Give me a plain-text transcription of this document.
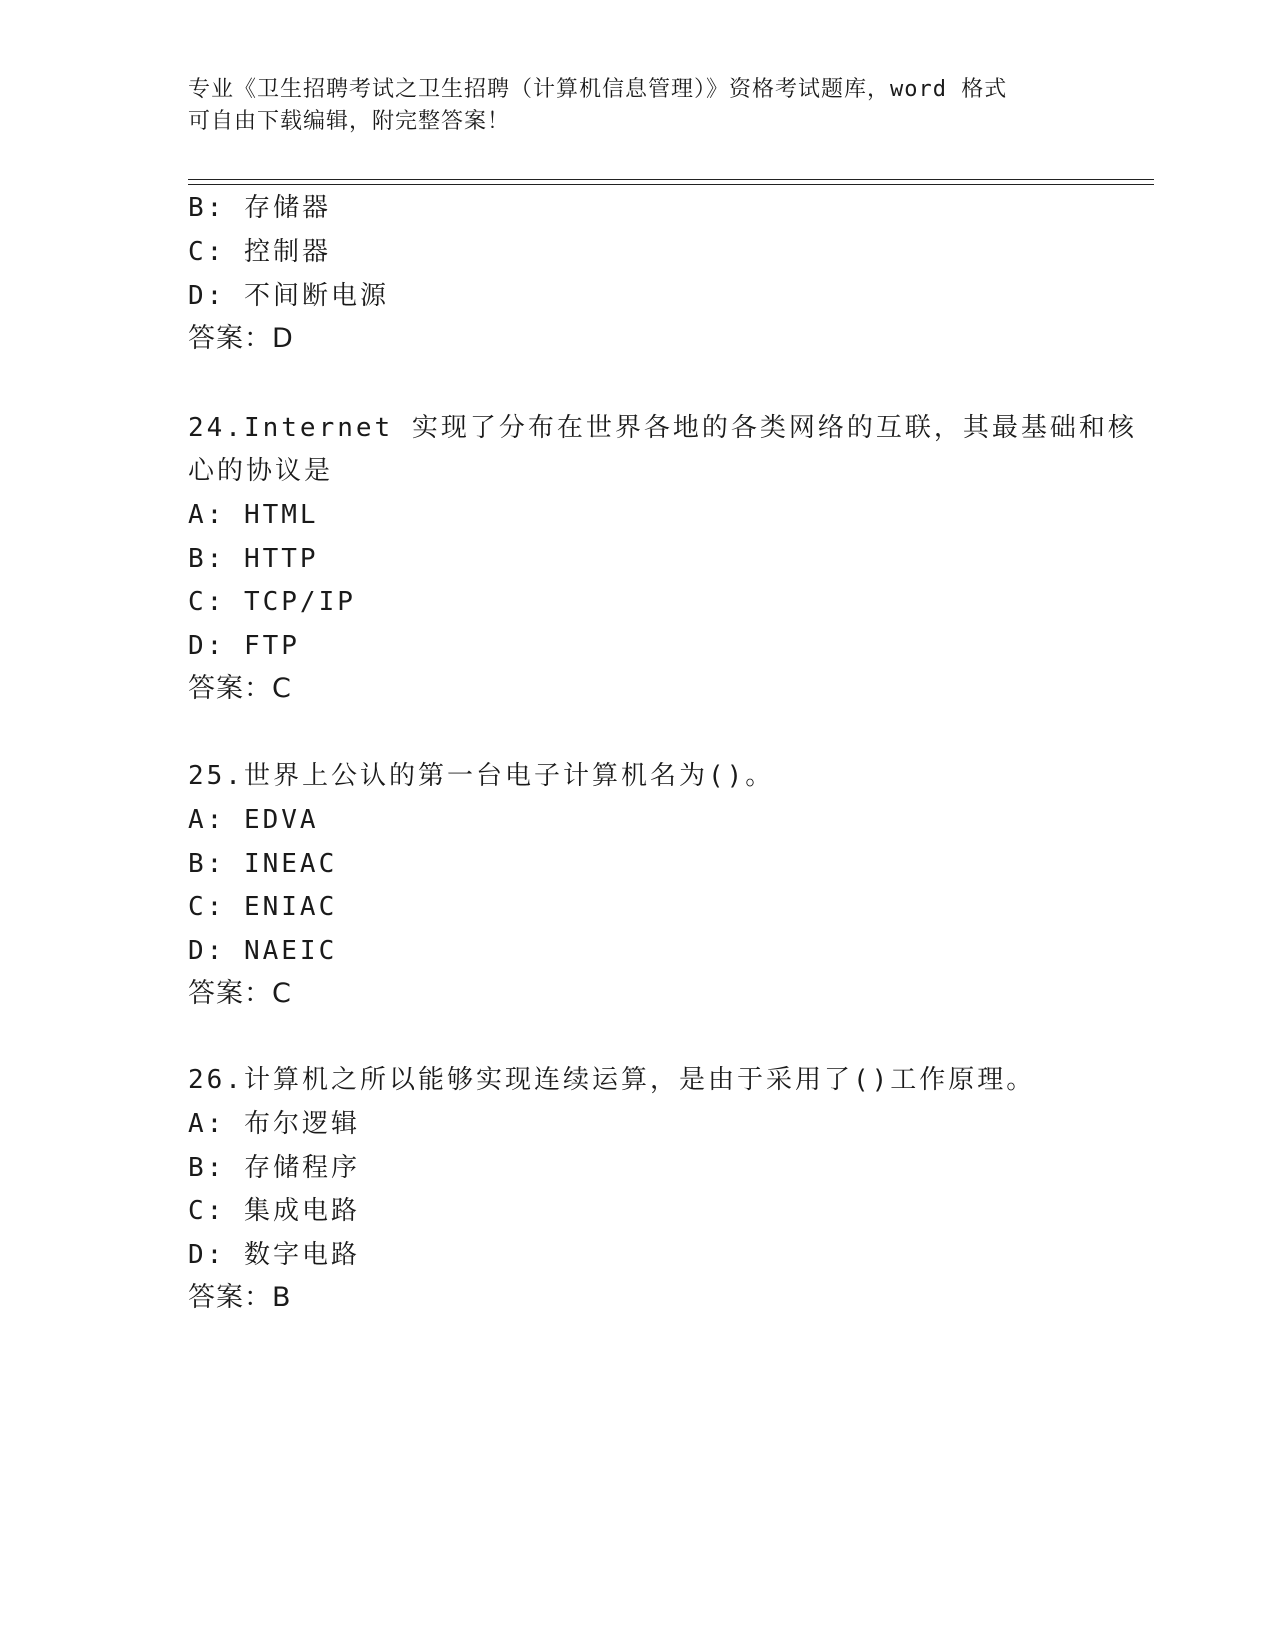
专业《卫生招聘考试之卫生招聘（计算机信息管理）》资格考试题库，word 格式
可自由下载编辑，附完整答案！
B: 存储器
C: 控制器
D: 不间断电源
答案：D
24.Internet 实现了分布在世界各地的各类网络的互联，其最基础和核
心的协议是
A: HTML
B: HTTP
C: TCP/IP
D: FTP
答案：C
25.世界上公认的第一台电子计算机名为()。
A: EDVA
B: INEAC
C: ENIAC
D: NAEIC
答案：C
26.计算机之所以能够实现连续运算，是由于采用了()工作原理。
A: 布尔逻辑
B: 存储程序
C: 集成电路
D: 数字电路
答案：B
